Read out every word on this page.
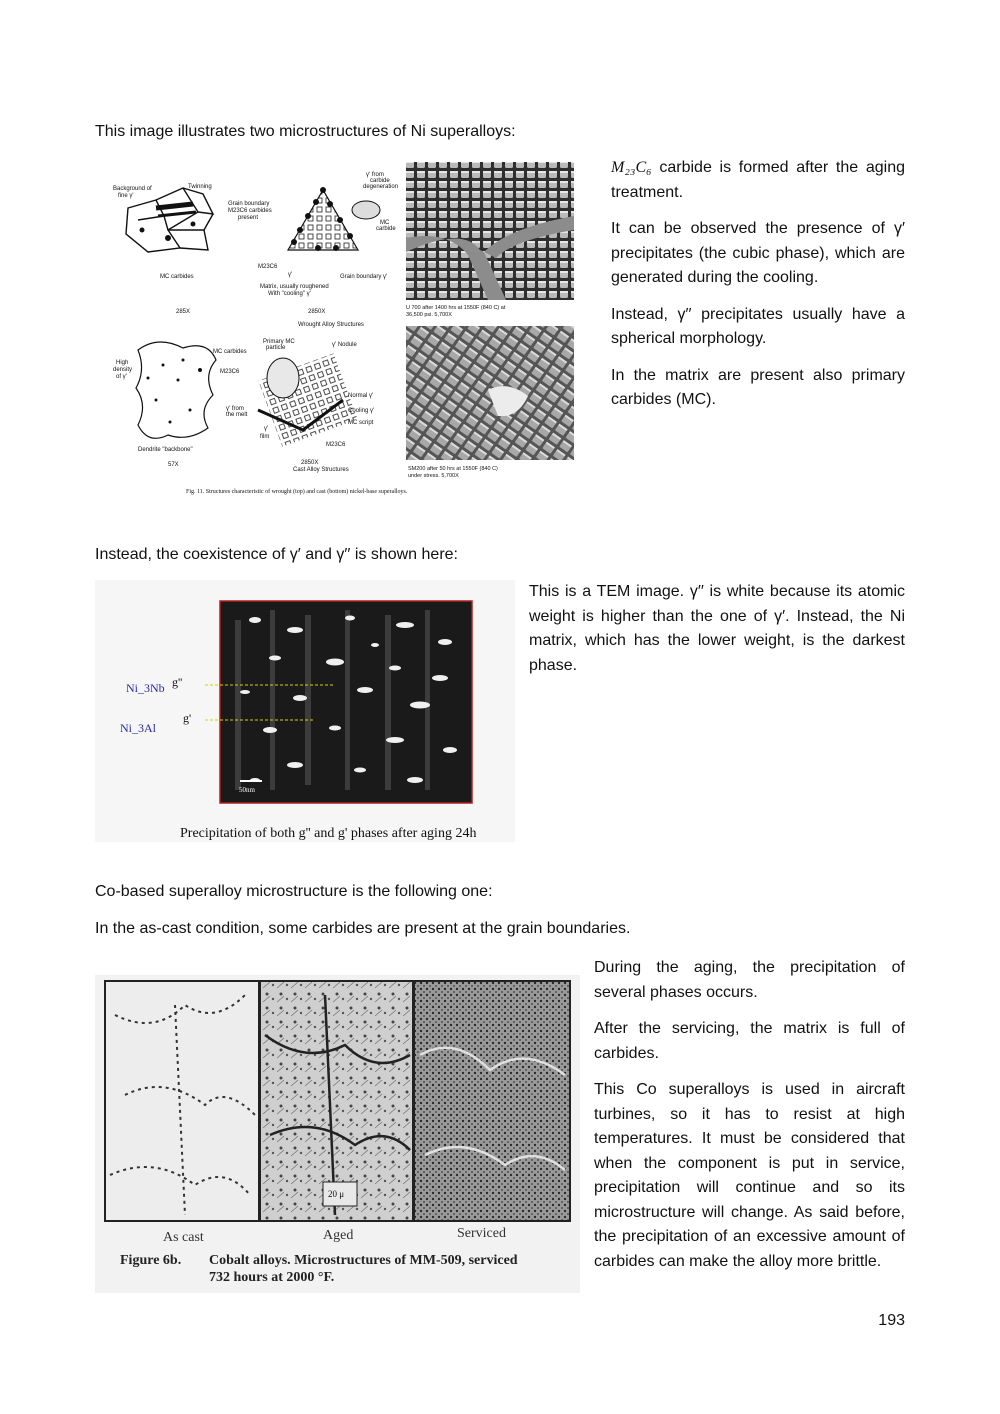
This image illustrates two microstructures of Ni superalloys:
Background of
fine γ'
Twinning
Grain boundary
M23C6 carbides
present
MC carbides
285X
γ' from
carbide
degeneration
MC
carbide
M23C6
γ'	Grain boundary γ'
Matrix, usually roughened
With "cooling" γ'
2850X
Wrought Alloy Structures
U 700 after 1400 hrs at 1550F (840 C) at
36,500 psi. 5,700X
High
density
of γ'
MC carbides
M23C6
γ' from
the melt
Dendrite "backbone"
57X
Primary MC
particle	γ' Nodule
Normal γ'
Cooling γ'
MC script
γ'
film
M23C6
2850X
Cast Alloy Structures	SM200 after 50 hrs at 1550F (840 C)
under stress. 5,700X
Fig. 11. Structures characteristic of wrought (top) and cast (bottom) nickel-base superalloys.

M₂₃C₆ carbide is formed after the aging treatment.

It can be observed the presence of γ′ precipitates (the cubic phase), which are generated during the cooling.

Instead, γ′′ precipitates usually have a spherical morphology.

In the matrix are present also primary carbides (MC).

Instead, the coexistence of γ′ and γ′′ is shown here:
50nm
Ni_3Nb g''
Ni_3Al
g'
Precipitation of both g'' and g' phases after aging 24h
This is a TEM image. γ′′ is white because its atomic weight is higher than the one of γ′. Instead, the Ni matrix, which has the lower weight, is the darkest phase.
Co-based superalloy microstructure is the following one:
In the as-cast condition, some carbides are present at the grain boundaries.
20 μ
As cast	Aged	Serviced
Figure 6b. Cobalt alloys. Microstructures of MM-509, serviced
732 hours at 2000 °F.

During the aging, the precipitation of several phases occurs.

After the servicing, the matrix is full of carbides.

This Co superalloys is used in aircraft turbines, so it has to resist at high temperatures. It must be considered that when the component is put in service, precipitation will continue and so its microstructure will change. As said before, the precipitation of an excessive amount of carbides can make the alloy more brittle.

193
